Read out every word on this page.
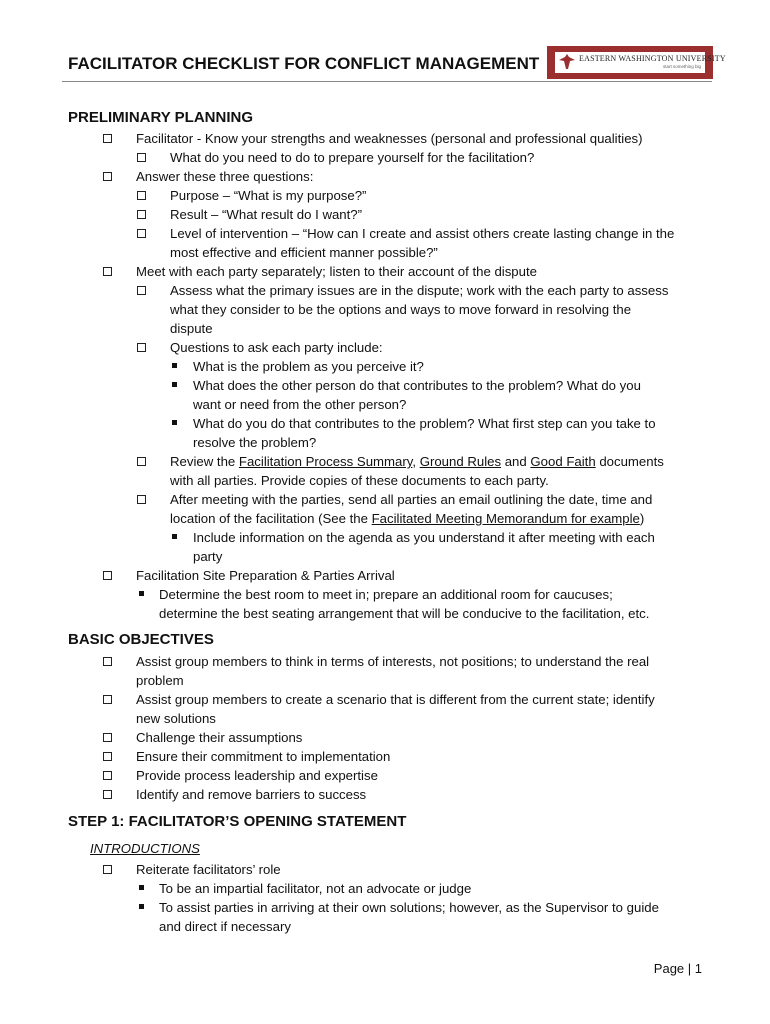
FACILITATOR CHECKLIST FOR CONFLICT MANAGEMENT	EASTERN WASHINGTON UNIVERSITY
start something big
PRELIMINARY PLANNING
Facilitator - Know your strengths and weaknesses (personal and professional qualities)
What do you need to do to prepare yourself for the facilitation?
Answer these three questions:
Purpose – “What is my purpose?”
Result – “What result do I want?”
Level of intervention – “How can I create and assist others create lasting change in the
most effective and efficient manner possible?”
Meet with each party separately; listen to their account of the dispute
Assess what the primary issues are in the dispute; work with the each party to assess
what they consider to be the options and ways to move forward in resolving the
dispute
Questions to ask each party include:
What is the problem as you perceive it?
What does the other person do that contributes to the problem? What do you
want or need from the other person?
What do you do that contributes to the problem? What first step can you take to
resolve the problem?
Review the Facilitation Process Summary, Ground Rules and Good Faith documents
with all parties. Provide copies of these documents to each party.
After meeting with the parties, send all parties an email outlining the date, time and
location of the facilitation (See the Facilitated Meeting Memorandum for example)
Include information on the agenda as you understand it after meeting with each
party
Facilitation Site Preparation & Parties Arrival
Determine the best room to meet in; prepare an additional room for caucuses;
determine the best seating arrangement that will be conducive to the facilitation, etc.
BASIC OBJECTIVES
Assist group members to think in terms of interests, not positions; to understand the real
problem
Assist group members to create a scenario that is different from the current state; identify
new solutions
Challenge their assumptions
Ensure their commitment to implementation
Provide process leadership and expertise
Identify and remove barriers to success
STEP 1: FACILITATOR’S OPENING STATEMENT
INTRODUCTIONS
Reiterate facilitators’ role
To be an impartial facilitator, not an advocate or judge
To assist parties in arriving at their own solutions; however, as the Supervisor to guide
and direct if necessary
Page | 1
